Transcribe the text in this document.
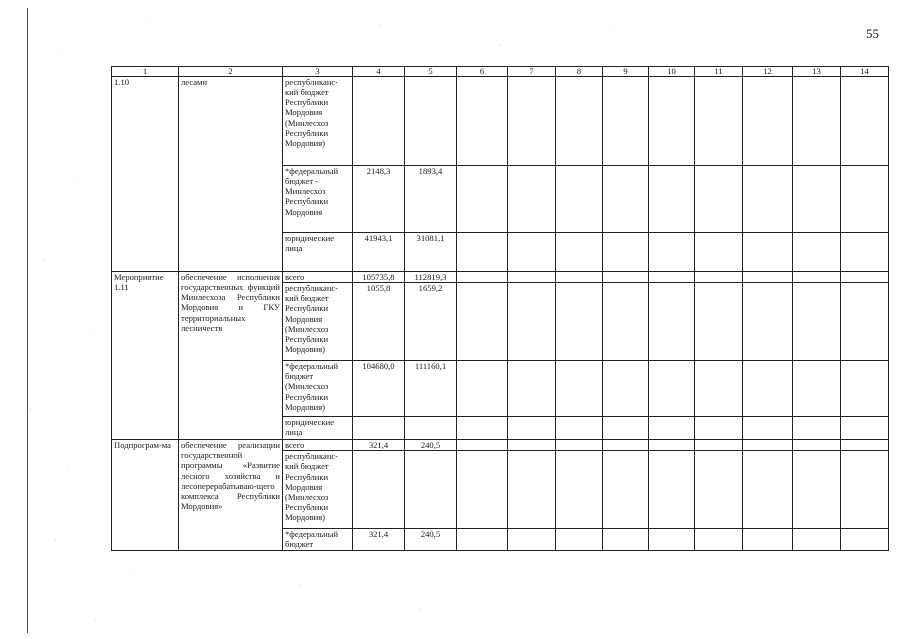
55
1	2	3	4	5	6	7	8	9	10	11	12	13	14
1.10	лесами	республиканс-кий бюджет Республики Мордовия (Минлесхоз Республики Мордовия)											
		*федеральный бюджет - Минлесхоз Республики Мордовия	2148,3	1893,4									
		юридические лица	41943,1	31081,1									
Мероприятие 1.11	обеспечение исполнения государственных функций Минлесхоза Республики Мордовия и ГКУ территориальных лесничеств	всего	105735,8	112819,3									
		республиканс-кий бюджет Республики Мордовия (Минлесхоз Республики Мордовия)	1055,8	1659,2									
		*федеральный бюджет (Минлесхоз Республики Мордовия)	104680,0	111160,1									
		юридические лица											
Подпрограм-ма	обеспечение реализации государственной программы «Развитие лесного хозяйства и лесоперерабатываю-щего комплекса Республики Мордовия»	всего	321,4	240,5									
		республиканс-кий бюджет Республики Мордовия (Минлесхоз Республики Мордовия)											
		*федеральный бюджет	321,4	240,5									
